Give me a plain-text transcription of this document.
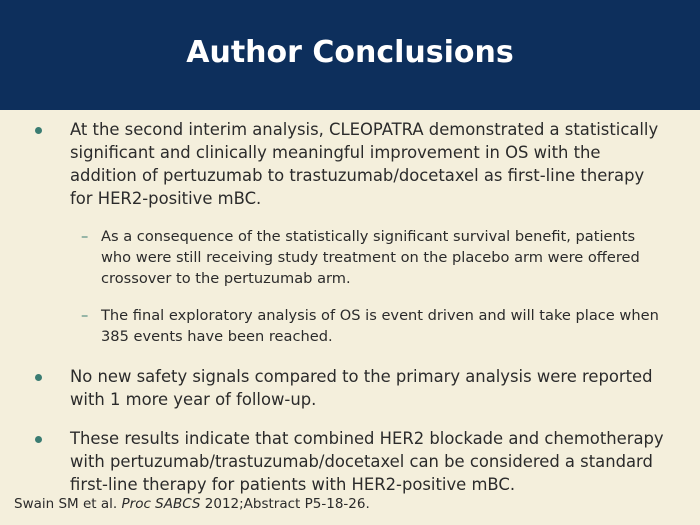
Author Conclusions
At the second interim analysis, CLEOPATRA demonstrated a statistically significant and clinically meaningful improvement in OS with the addition of pertuzumab to trastuzumab/docetaxel as first-line therapy for HER2-positive mBC.
– As a consequence of the statistically significant survival benefit, patients who were still receiving study treatment on the placebo arm were offered crossover to the pertuzumab arm.
– The final exploratory analysis of OS is event driven and will take place when 385 events have been reached.
No new safety signals compared to the primary analysis were reported with 1 more year of follow-up.
These results indicate that combined HER2 blockade and chemotherapy with pertuzumab/trastuzumab/docetaxel can be considered a standard first-line therapy for patients with HER2-positive mBC.
Swain SM et al. Proc SABCS 2012;Abstract P5-18-26.
